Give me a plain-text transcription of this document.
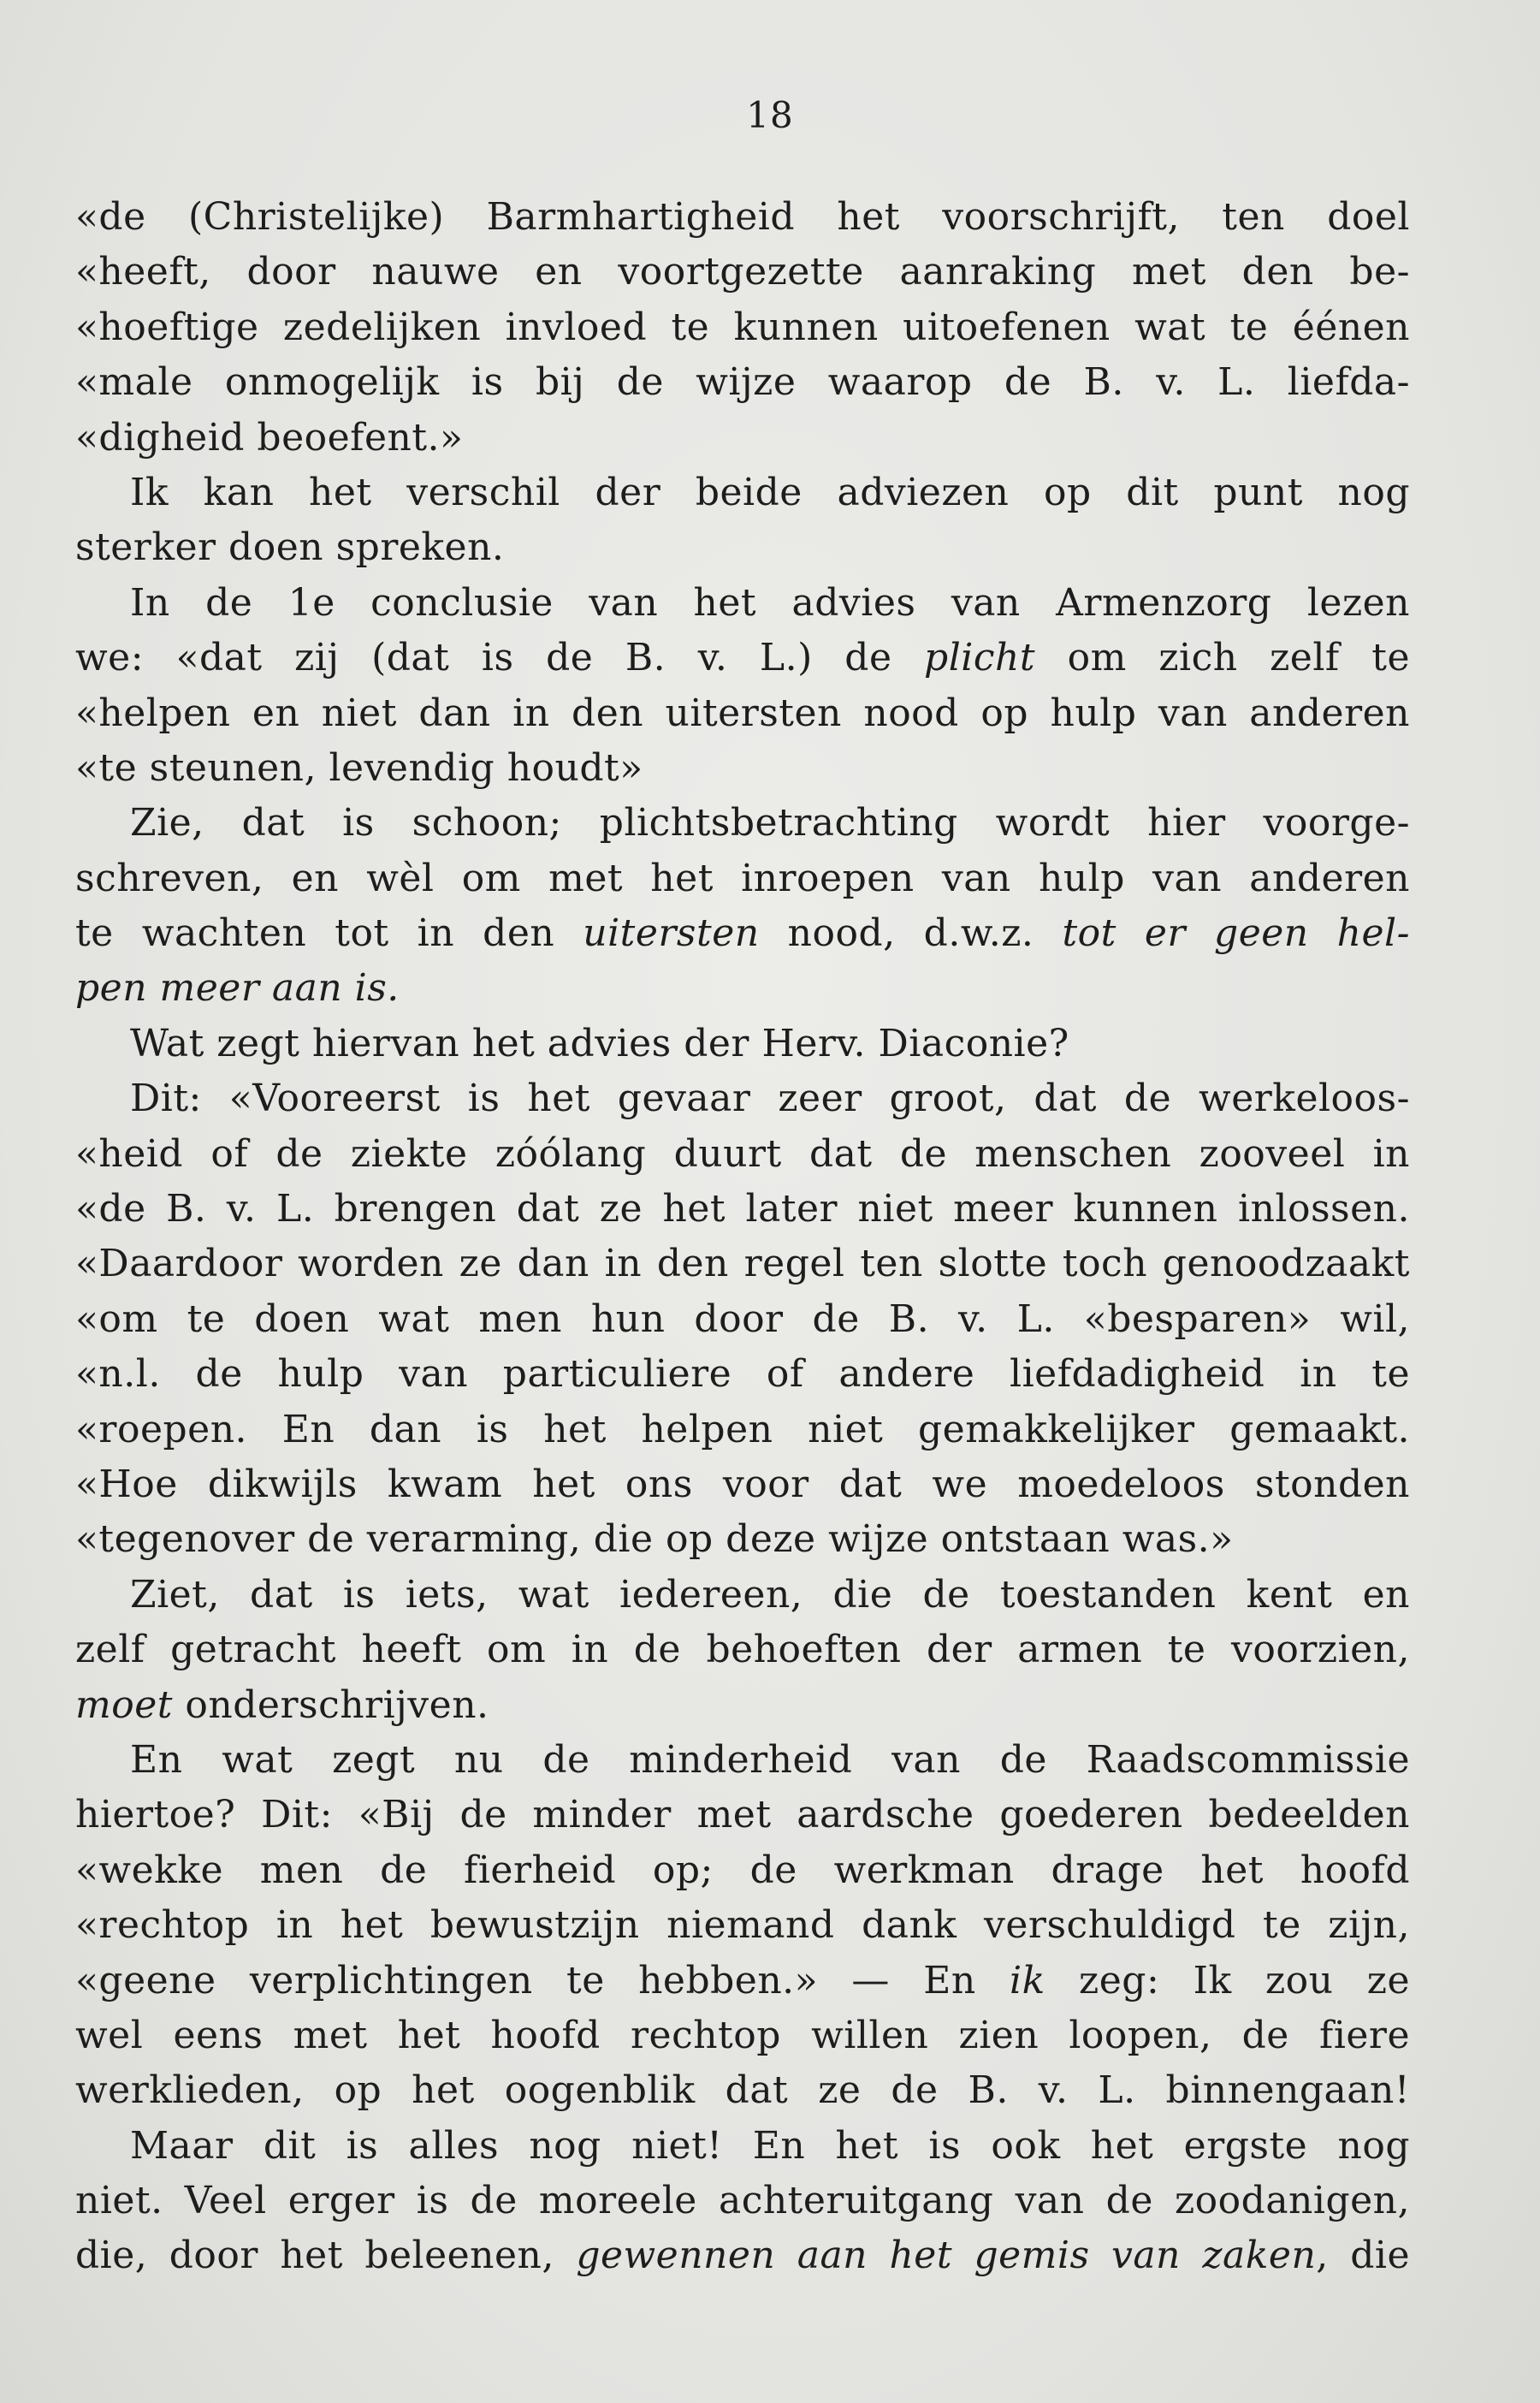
18
«de (Christelijke) Barmhartigheid het voorschrijft, ten doel
«heeft, door nauwe en voortgezette aanraking met den be-
«hoeftige zedelijken invloed te kunnen uitoefenen wat te éénen
«male onmogelijk is bij de wijze waarop de B. v. L. liefda-
«digheid beoefent.»
Ik kan het verschil der beide adviezen op dit punt nog
sterker doen spreken.
In de 1e conclusie van het advies van Armenzorg lezen
we: «dat zij (dat is de B. v. L.) de plicht om zich zelf te
«helpen en niet dan in den uitersten nood op hulp van anderen
«te steunen, levendig houdt»
Zie, dat is schoon; plichtsbetrachting wordt hier voorge-
schreven, en wèl om met het inroepen van hulp van anderen
te wachten tot in den uitersten nood, d.w.z. tot er geen hel-
pen meer aan is.
Wat zegt hiervan het advies der Herv. Diaconie?
Dit: «Vooreerst is het gevaar zeer groot, dat de werkeloos-
«heid of de ziekte zóólang duurt dat de menschen zooveel in
«de B. v. L. brengen dat ze het later niet meer kunnen inlossen.
«Daardoor worden ze dan in den regel ten slotte toch genoodzaakt
«om te doen wat men hun door de B. v. L. «besparen» wil,
«n.l. de hulp van particuliere of andere liefdadigheid in te
«roepen. En dan is het helpen niet gemakkelijker gemaakt.
«Hoe dikwijls kwam het ons voor dat we moedeloos stonden
«tegenover de verarming, die op deze wijze ontstaan was.»
Ziet, dat is iets, wat iedereen, die de toestanden kent en
zelf getracht heeft om in de behoeften der armen te voorzien,
moet onderschrijven.
En wat zegt nu de minderheid van de Raadscommissie
hiertoe? Dit: «Bij de minder met aardsche goederen bedeelden
«wekke men de fierheid op; de werkman drage het hoofd
«rechtop in het bewustzijn niemand dank verschuldigd te zijn,
«geene verplichtingen te hebben.» — En ik zeg: Ik zou ze
wel eens met het hoofd rechtop willen zien loopen, de fiere
werklieden, op het oogenblik dat ze de B. v. L. binnengaan!
Maar dit is alles nog niet! En het is ook het ergste nog
niet. Veel erger is de moreele achteruitgang van de zoodanigen,
die, door het beleenen, gewennen aan het gemis van zaken, die
